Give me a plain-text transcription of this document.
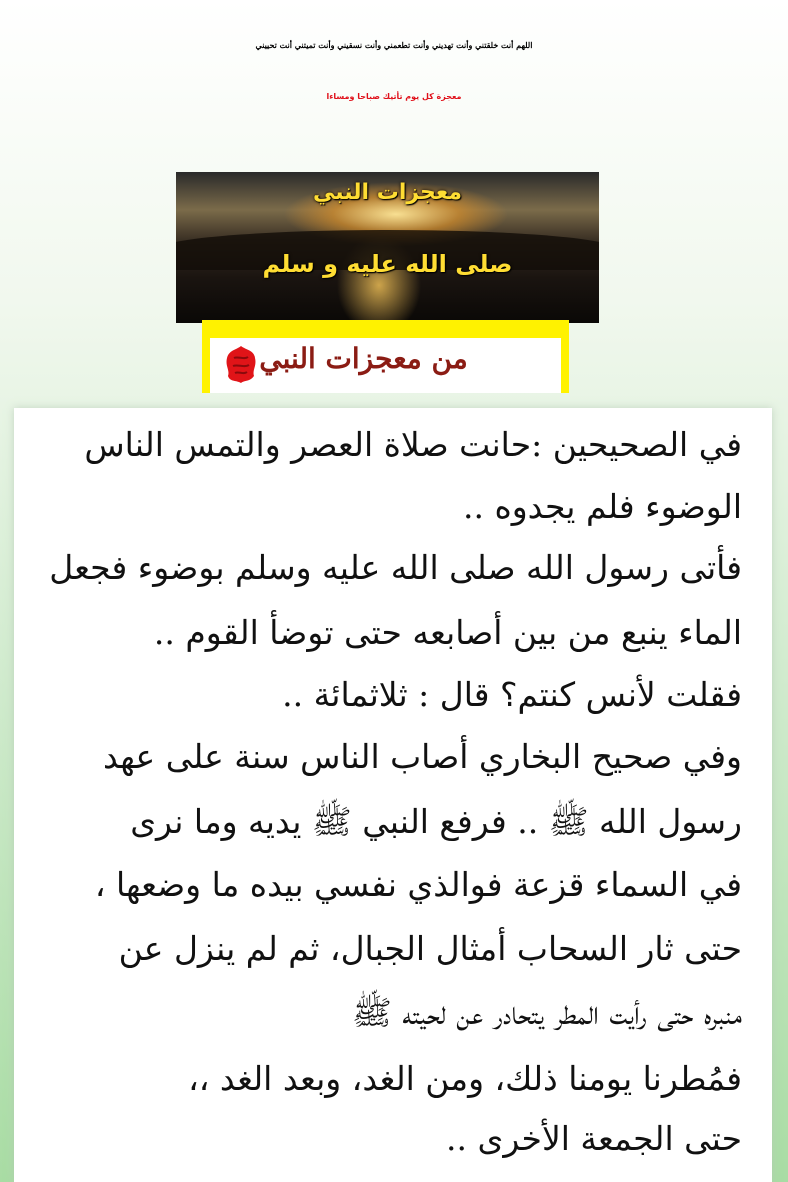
اللهم أنت خلقتني وأنت تهديني وأنت تطعمني وأنت نسقيني وأنت تميتني أنت تحييني
معجزة كل يوم تأتيك صباحا ومساءا
معجزات النبي
صلى الله عليه و سلم
من معجزات النبي
في الصحيحين :حانت صلاة العصر والتمس الناس
الوضوء فلم يجدوه ..
فأتى رسول الله صلى الله عليه وسلم بوضوء فجعل
الماء ينبع من بين أصابعه حتى توضأ القوم ..
فقلت لأنس كنتم؟ قال : ثلاثمائة ..
وفي صحيح البخاري أصاب الناس سنة على عهد
رسول الله ﷺ .. فرفع النبي ﷺ يديه وما نرى
في السماء قزعة فوالذي نفسي بيده ما وضعها ،
حتى ثار السحاب أمثال الجبال، ثم لم ينزل عن
منبره حتى رأيت المطر يتحادر عن لحيته ﷺ
فمُطرنا يومنا ذلك، ومن الغد، وبعد الغد ،،
حتى الجمعة الأخرى ..
